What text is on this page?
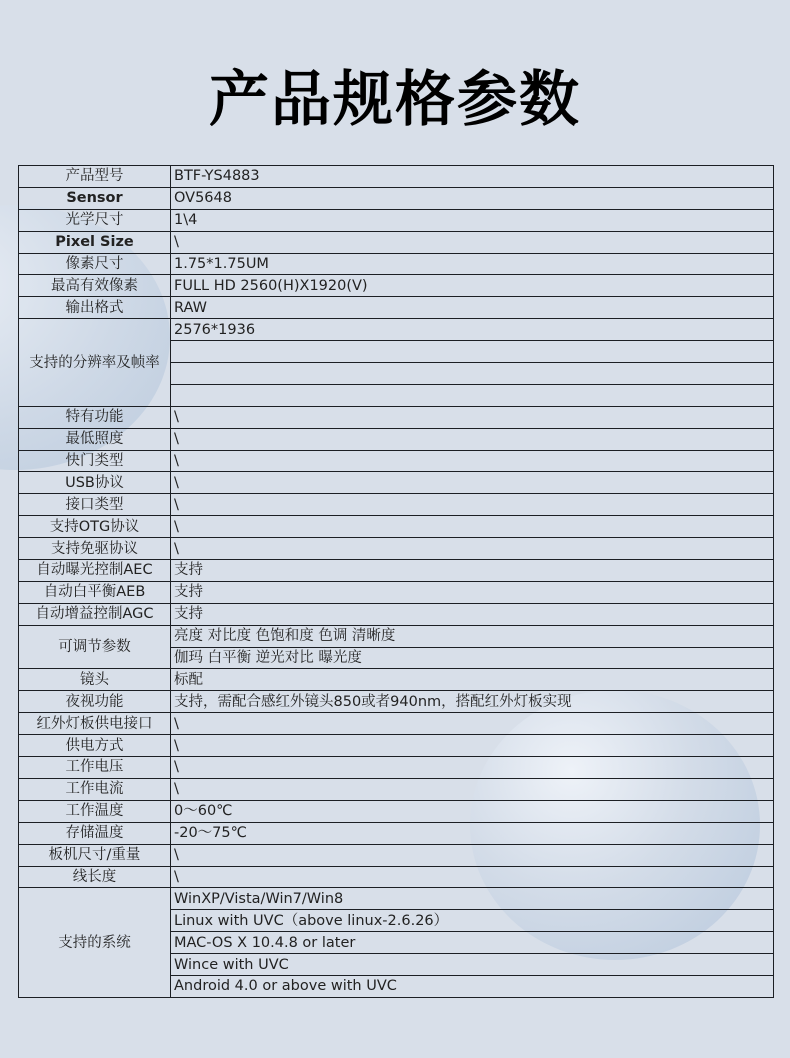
产品规格参数
产品型号	BTF-YS4883
Sensor	OV5648
光学尺寸	1\4
Pixel Size	\
像素尺寸	1.75*1.75UM
最高有效像素	FULL HD 2560(H)X1920(V)
输出格式	RAW
支持的分辨率及帧率	2576*1936

特有功能	\
最低照度	\
快门类型	\
USB协议	\
接口类型	\
支持OTG协议	\
支持免驱协议	\
自动曝光控制AEC	支持
自动白平衡AEB	支持
自动增益控制AGC	支持
可调节参数	亮度 对比度 色饱和度 色调 清晰度
	伽玛 白平衡 逆光对比 曝光度
镜头	标配
夜视功能	支持，需配合感红外镜头850或者940nm，搭配红外灯板实现
红外灯板供电接口	\
供电方式	\
工作电压	\
工作电流	\
工作温度	0～60℃
存储温度	-20～75℃
板机尺寸/重量	\
线长度	\
支持的系统	WinXP/Vista/Win7/Win8
	Linux with UVC（above linux-2.6.26）
	MAC-OS X 10.4.8 or later
	Wince with UVC
	Android 4.0 or above with UVC
